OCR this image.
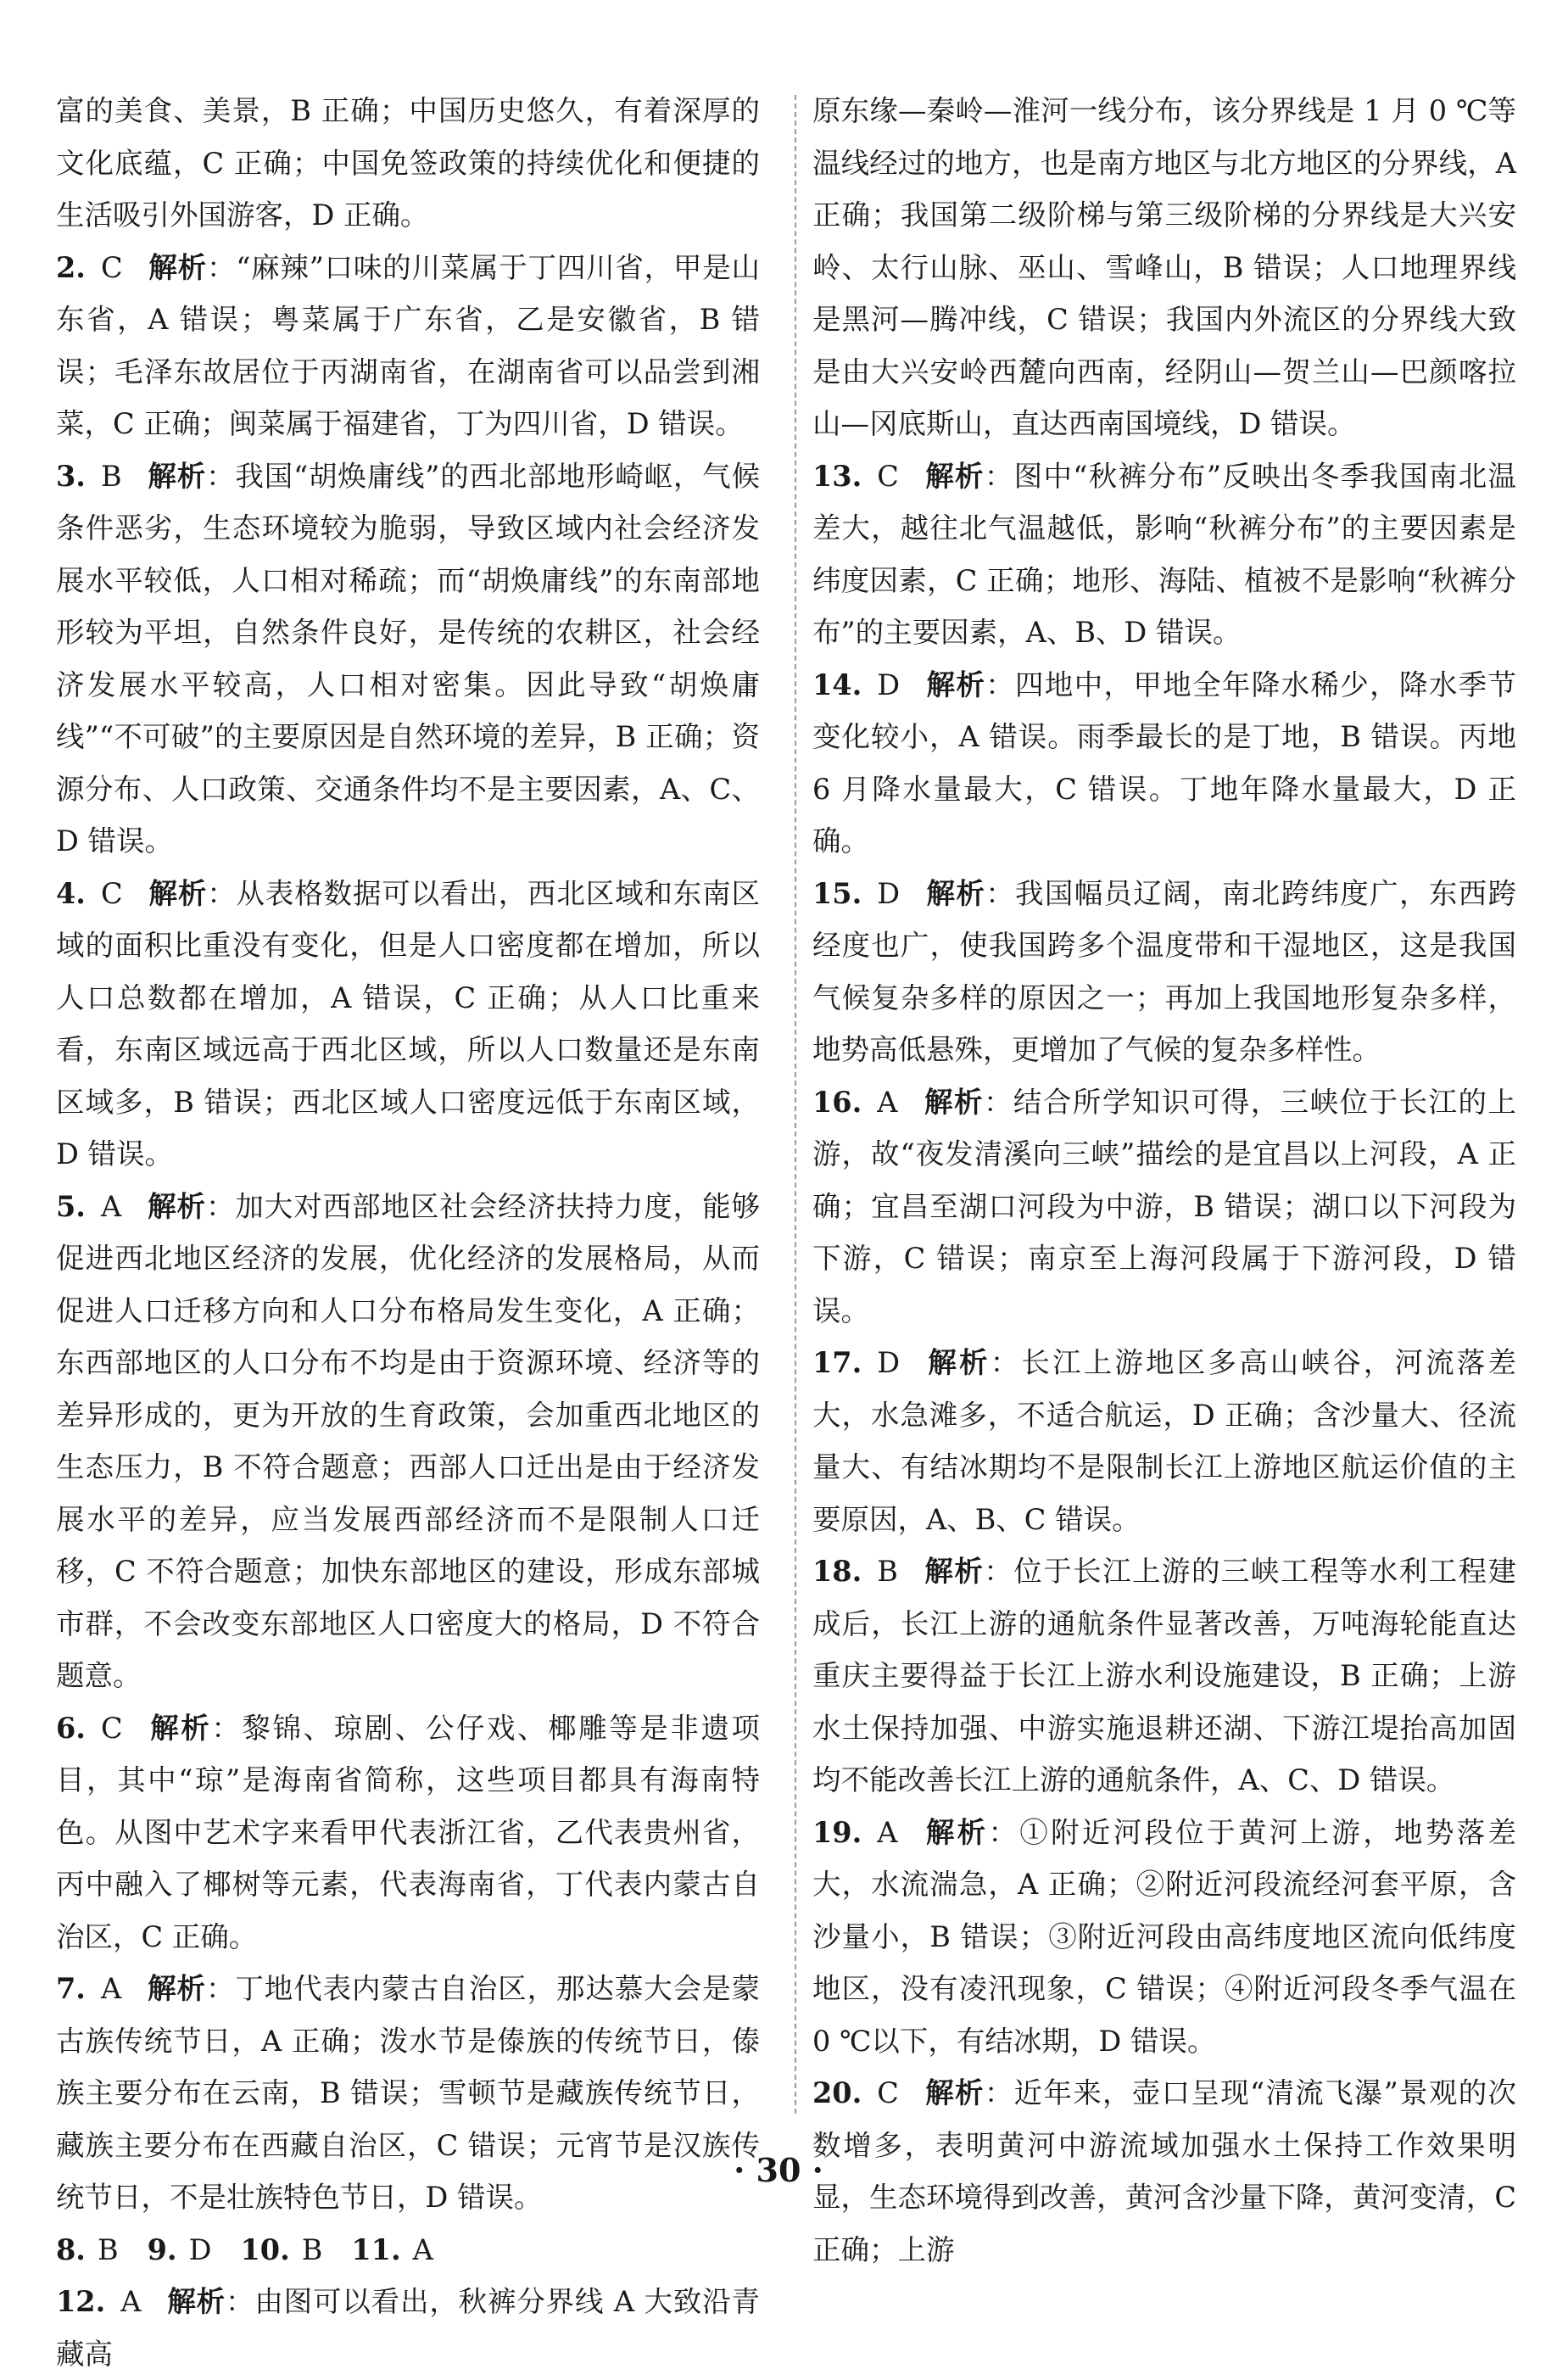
富的美食、美景，B 正确；中国历史悠久，有着深厚的文化底蕴，C 正确；中国免签政策的持续优化和便捷的生活吸引外国游客，D 正确。

2. C 解析：“麻辣”口味的川菜属于丁四川省，甲是山东省，A 错误；粤菜属于广东省，乙是安徽省，B 错误；毛泽东故居位于丙湖南省，在湖南省可以品尝到湘菜，C 正确；闽菜属于福建省，丁为四川省，D 错误。

3. B 解析：我国“胡焕庸线”的西北部地形崎岖，气候条件恶劣，生态环境较为脆弱，导致区域内社会经济发展水平较低，人口相对稀疏；而“胡焕庸线”的东南部地形较为平坦，自然条件良好，是传统的农耕区，社会经济发展水平较高，人口相对密集。因此导致“胡焕庸线”“不可破”的主要原因是自然环境的差异，B 正确；资源分布、人口政策、交通条件均不是主要因素，A、C、D 错误。

4. C 解析：从表格数据可以看出，西北区域和东南区域的面积比重没有变化，但是人口密度都在增加，所以人口总数都在增加，A 错误，C 正确；从人口比重来看，东南区域远高于西北区域，所以人口数量还是东南区域多，B 错误；西北区域人口密度远低于东南区域，D 错误。

5. A 解析：加大对西部地区社会经济扶持力度，能够促进西北地区经济的发展，优化经济的发展格局，从而促进人口迁移方向和人口分布格局发生变化，A 正确；东西部地区的人口分布不均是由于资源环境、经济等的差异形成的，更为开放的生育政策，会加重西北地区的生态压力，B 不符合题意；西部人口迁出是由于经济发展水平的差异，应当发展西部经济而不是限制人口迁移，C 不符合题意；加快东部地区的建设，形成东部城市群，不会改变东部地区人口密度大的格局，D 不符合题意。

6. C 解析：黎锦、琼剧、公仔戏、椰雕等是非遗项目，其中“琼”是海南省简称，这些项目都具有海南特色。从图中艺术字来看甲代表浙江省，乙代表贵州省，丙中融入了椰树等元素，代表海南省，丁代表内蒙古自治区，C 正确。

7. A 解析：丁地代表内蒙古自治区，那达慕大会是蒙古族传统节日，A 正确；泼水节是傣族的传统节日，傣族主要分布在云南，B 错误；雪顿节是藏族传统节日，藏族主要分布在西藏自治区，C 错误；元宵节是汉族传统节日，不是壮族特色节日，D 错误。

8. B 9. D 10. B 11. A

12. A 解析：由图可以看出，秋裤分界线 A 大致沿青藏高

原东缘—秦岭—淮河一线分布，该分界线是 1 月 0 ℃等温线经过的地方，也是南方地区与北方地区的分界线，A 正确；我国第二级阶梯与第三级阶梯的分界线是大兴安岭、太行山脉、巫山、雪峰山，B 错误；人口地理界线是黑河—腾冲线，C 错误；我国内外流区的分界线大致是由大兴安岭西麓向西南，经阴山—贺兰山—巴颜喀拉山—冈底斯山，直达西南国境线，D 错误。

13. C 解析：图中“秋裤分布”反映出冬季我国南北温差大，越往北气温越低，影响“秋裤分布”的主要因素是纬度因素，C 正确；地形、海陆、植被不是影响“秋裤分布”的主要因素，A、B、D 错误。

14. D 解析：四地中，甲地全年降水稀少，降水季节变化较小，A 错误。雨季最长的是丁地，B 错误。丙地 6 月降水量最大，C 错误。丁地年降水量最大，D 正确。

15. D 解析：我国幅员辽阔，南北跨纬度广，东西跨经度也广，使我国跨多个温度带和干湿地区，这是我国气候复杂多样的原因之一；再加上我国地形复杂多样，地势高低悬殊，更增加了气候的复杂多样性。

16. A 解析：结合所学知识可得，三峡位于长江的上游，故“夜发清溪向三峡”描绘的是宜昌以上河段，A 正确；宜昌至湖口河段为中游，B 错误；湖口以下河段为下游，C 错误；南京至上海河段属于下游河段，D 错误。

17. D 解析：长江上游地区多高山峡谷，河流落差大，水急滩多，不适合航运，D 正确；含沙量大、径流量大、有结冰期均不是限制长江上游地区航运价值的主要原因，A、B、C 错误。

18. B 解析：位于长江上游的三峡工程等水利工程建成后，长江上游的通航条件显著改善，万吨海轮能直达重庆主要得益于长江上游水利设施建设，B 正确；上游水土保持加强、中游实施退耕还湖、下游江堤抬高加固均不能改善长江上游的通航条件，A、C、D 错误。

19. A 解析：①附近河段位于黄河上游，地势落差大，水流湍急，A 正确；②附近河段流经河套平原，含沙量小，B 错误；③附近河段由高纬度地区流向低纬度地区，没有凌汛现象，C 错误；④附近河段冬季气温在 0 ℃以下，有结冰期，D 错误。

20. C 解析：近年来，壶口呈现“清流飞瀑”景观的次数增多，表明黄河中游流域加强水土保持工作效果明显，生态环境得到改善，黄河含沙量下降，黄河变清，C 正确；上游

· 30 ·
